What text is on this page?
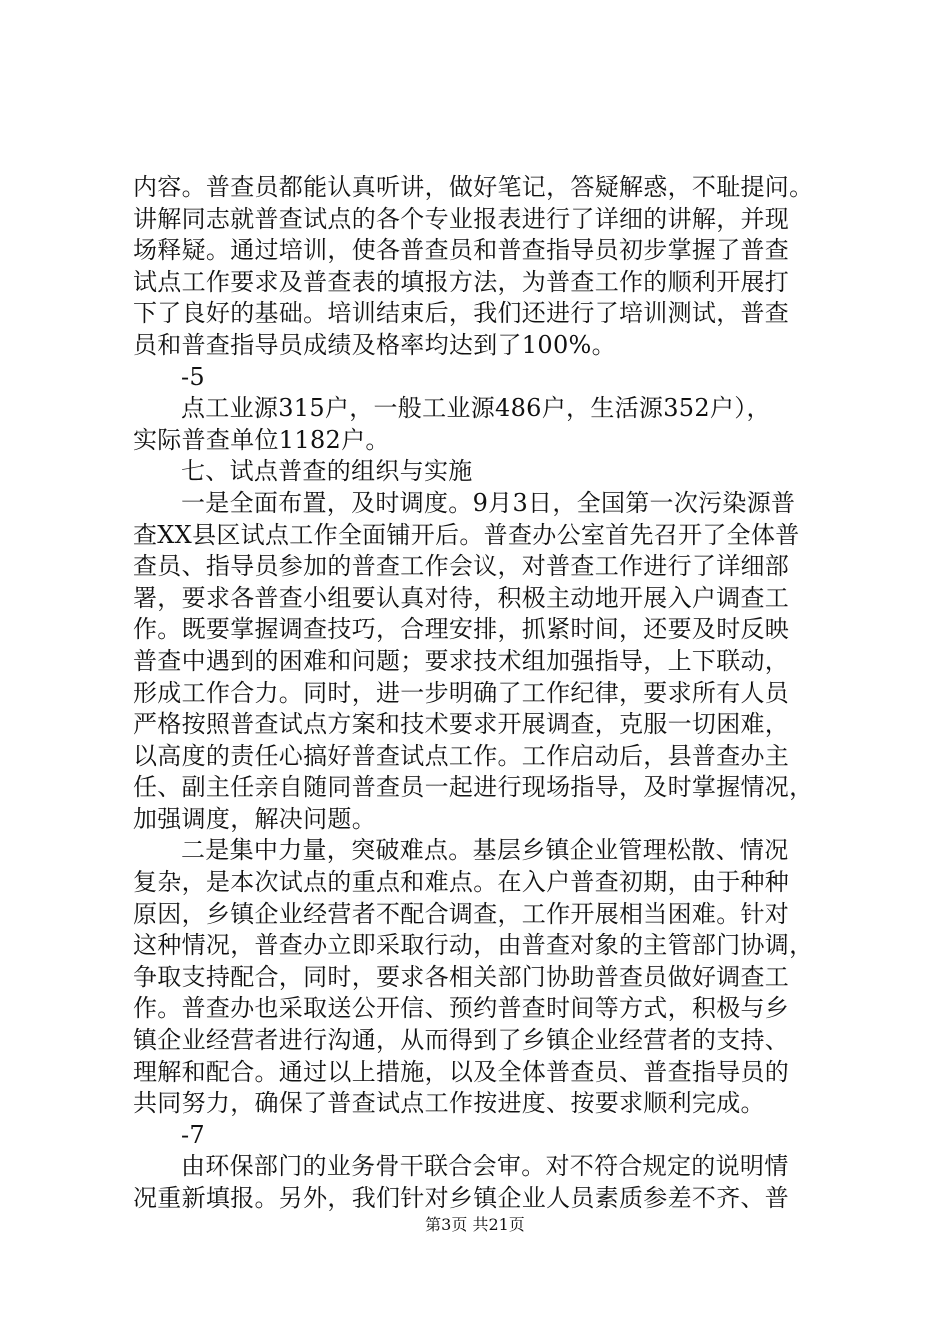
内容。普查员都能认真听讲，做好笔记，答疑解惑，不耻提问。
讲解同志就普查试点的各个专业报表进行了详细的讲解，并现
场释疑。通过培训，使各普查员和普查指导员初步掌握了普查
试点工作要求及普查表的填报方法，为普查工作的顺利开展打
下了良好的基础。培训结束后，我们还进行了培训测试，普查
员和普查指导员成绩及格率均达到了100%。
-5
点工业源315户，一般工业源486户，生活源352户），
实际普查单位1182户。
七、试点普查的组织与实施
一是全面布置，及时调度。9月3日，全国第一次污染源普
查XX县区试点工作全面铺开后。普查办公室首先召开了全体普
查员、指导员参加的普查工作会议，对普查工作进行了详细部
署，要求各普查小组要认真对待，积极主动地开展入户调查工
作。既要掌握调查技巧，合理安排，抓紧时间，还要及时反映
普查中遇到的困难和问题；要求技术组加强指导，上下联动，
形成工作合力。同时，进一步明确了工作纪律，要求所有人员
严格按照普查试点方案和技术要求开展调查，克服一切困难，
以高度的责任心搞好普查试点工作。工作启动后，县普查办主
任、副主任亲自随同普查员一起进行现场指导，及时掌握情况，
加强调度，解决问题。
二是集中力量，突破难点。基层乡镇企业管理松散、情况
复杂，是本次试点的重点和难点。在入户普查初期，由于种种
原因，乡镇企业经营者不配合调查，工作开展相当困难。针对
这种情况，普查办立即采取行动，由普查对象的主管部门协调，
争取支持配合，同时，要求各相关部门协助普查员做好调查工
作。普查办也采取送公开信、预约普查时间等方式，积极与乡
镇企业经营者进行沟通，从而得到了乡镇企业经营者的支持、
理解和配合。通过以上措施，以及全体普查员、普查指导员的
共同努力，确保了普查试点工作按进度、按要求顺利完成。
-7
由环保部门的业务骨干联合会审。对不符合规定的说明情
况重新填报。另外，我们针对乡镇企业人员素质参差不齐、普
第3页 共21页
